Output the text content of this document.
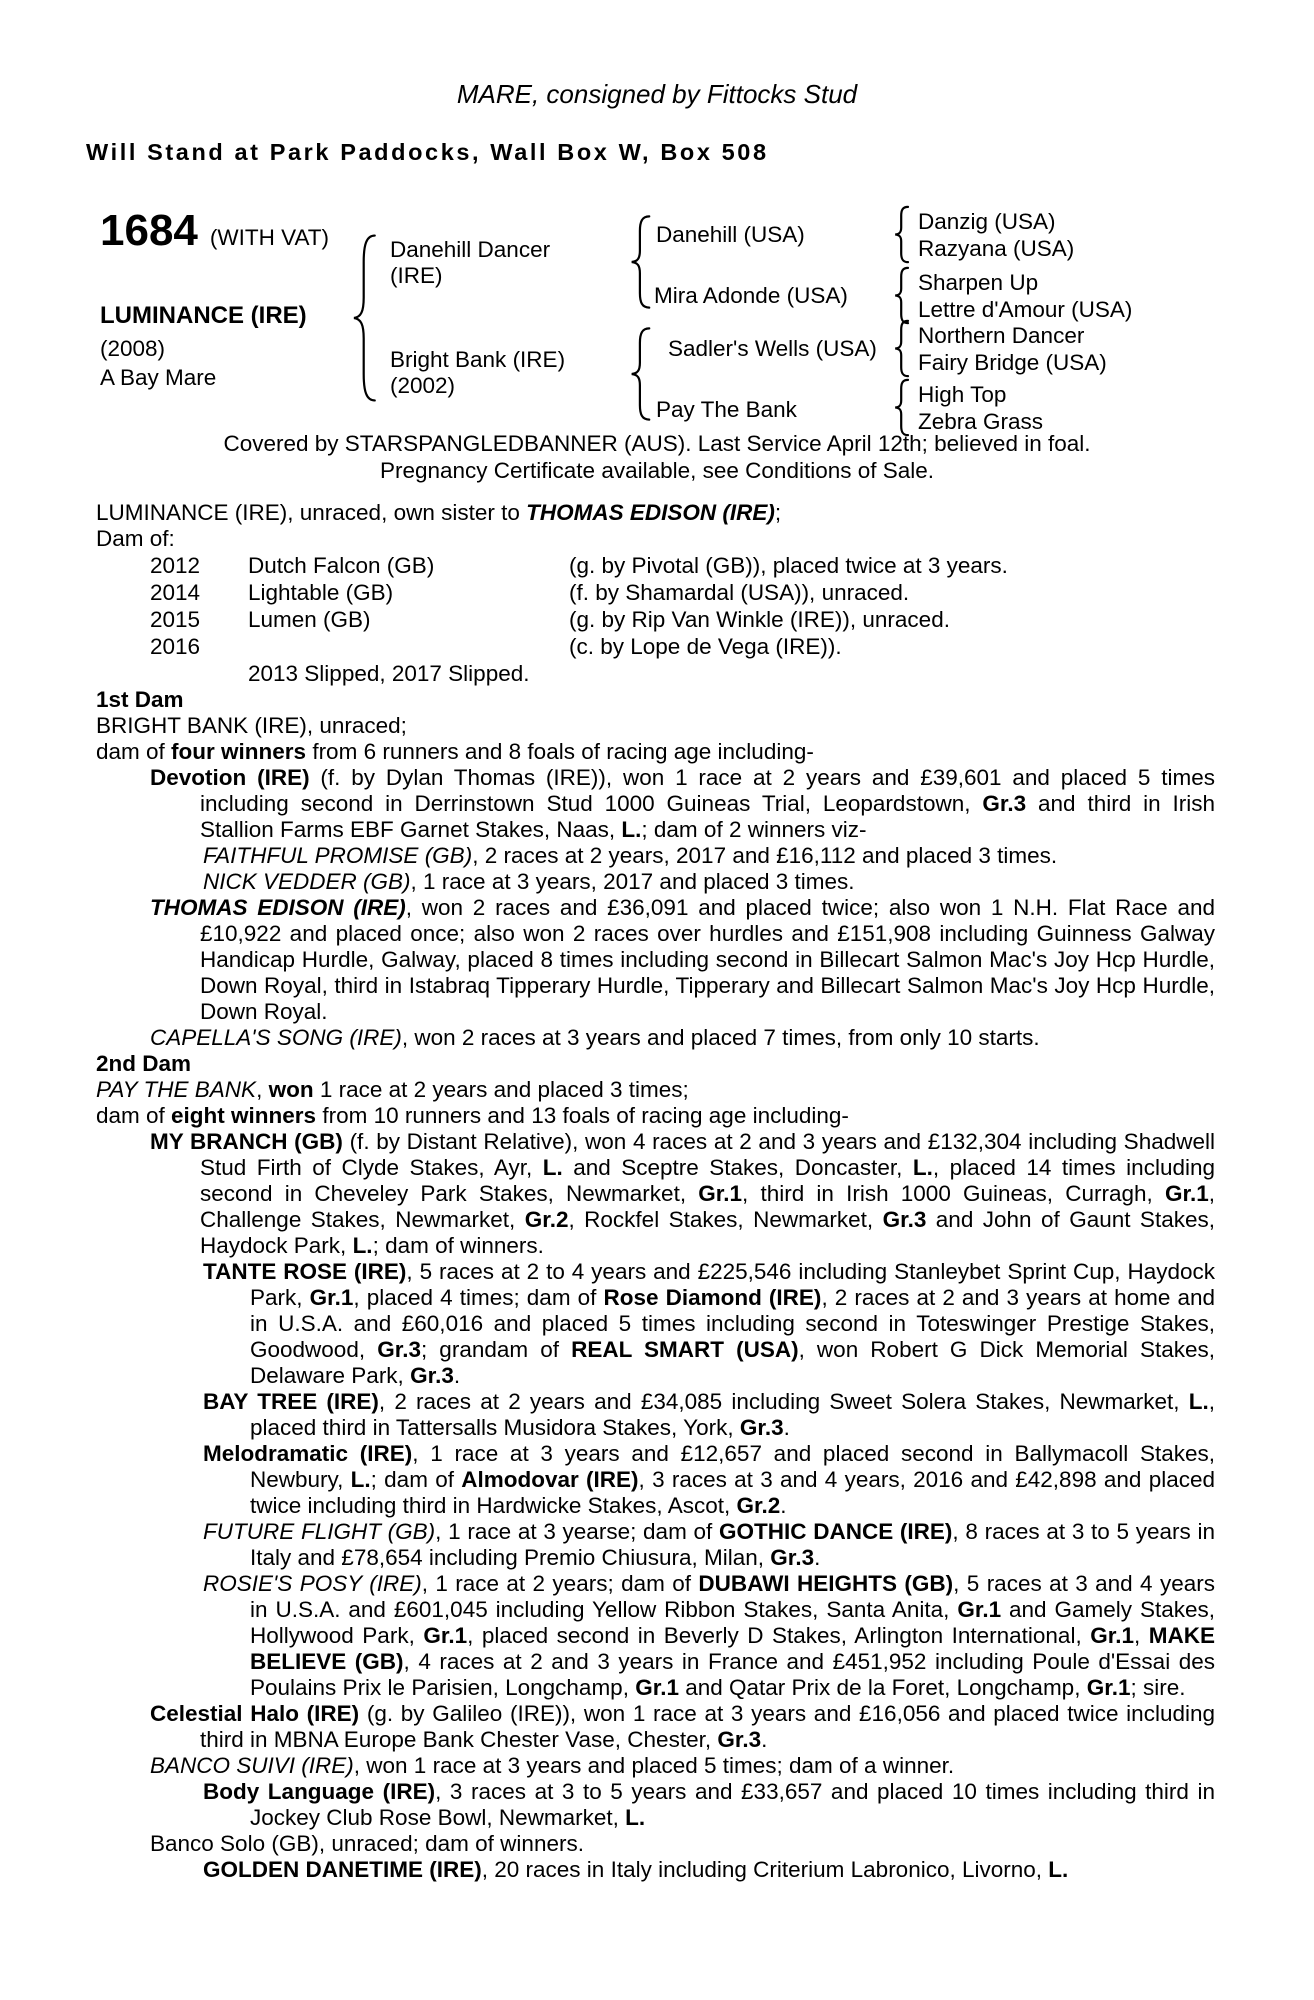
MARE, consigned by Fittocks Stud

Will Stand at Park Paddocks, Wall Box W, Box 508

1684 (WITH VAT)
LUMINANCE (IRE)
(2008)
A Bay Mare
Danehill Dancer
(IRE)
Bright Bank (IRE)
(2002)
Danehill (USA)
Mira Adonde (USA)
Sadler's Wells (USA)
Pay The Bank
Danzig (USA)
Razyana (USA)
Sharpen Up
Lettre d'Amour (USA)
Northern Dancer
Fairy Bridge (USA)
High Top
Zebra Grass

Covered by STARSPANGLEDBANNER (AUS). Last Service April 12th; believed in foal.

Pregnancy Certificate available, see Conditions of Sale.

LUMINANCE (IRE), unraced, own sister to THOMAS EDISON (IRE);

Dam of:

2012	Dutch Falcon (GB)	(g. by Pivotal (GB)), placed twice at 3 years.
2014	Lightable (GB)	(f. by Shamardal (USA)), unraced.
2015	Lumen (GB)	(g. by Rip Van Winkle (IRE)), unraced.
2016	(c. by Lope de Vega (IRE)).

2013 Slipped, 2017 Slipped.

1st Dam

BRIGHT BANK (IRE), unraced;

dam of four winners from 6 runners and 8 foals of racing age including-

Devotion (IRE) (f. by Dylan Thomas (IRE)), won 1 race at 2 years and £39,601 and placed 5 times including second in Derrinstown Stud 1000 Guineas Trial, Leopardstown, Gr.3 and third in Irish Stallion Farms EBF Garnet Stakes, Naas, L.; dam of 2 winners viz-

FAITHFUL PROMISE (GB), 2 races at 2 years, 2017 and £16,112 and placed 3 times.

NICK VEDDER (GB), 1 race at 3 years, 2017 and placed 3 times.

THOMAS EDISON (IRE), won 2 races and £36,091 and placed twice; also won 1 N.H. Flat Race and £10,922 and placed once; also won 2 races over hurdles and £151,908 including Guinness Galway Handicap Hurdle, Galway, placed 8 times including second in Billecart Salmon Mac's Joy Hcp Hurdle, Down Royal, third in Istabraq Tipperary Hurdle, Tipperary and Billecart Salmon Mac's Joy Hcp Hurdle, Down Royal.

CAPELLA'S SONG (IRE), won 2 races at 3 years and placed 7 times, from only 10 starts.

2nd Dam

PAY THE BANK, won 1 race at 2 years and placed 3 times;

dam of eight winners from 10 runners and 13 foals of racing age including-

MY BRANCH (GB) (f. by Distant Relative), won 4 races at 2 and 3 years and £132,304 including Shadwell Stud Firth of Clyde Stakes, Ayr, L. and Sceptre Stakes, Doncaster, L., placed 14 times including second in Cheveley Park Stakes, Newmarket, Gr.1, third in Irish 1000 Guineas, Curragh, Gr.1, Challenge Stakes, Newmarket, Gr.2, Rockfel Stakes, Newmarket, Gr.3 and John of Gaunt Stakes, Haydock Park, L.; dam of winners.

TANTE ROSE (IRE), 5 races at 2 to 4 years and £225,546 including Stanleybet Sprint Cup, Haydock Park, Gr.1, placed 4 times; dam of Rose Diamond (IRE), 2 races at 2 and 3 years at home and in U.S.A. and £60,016 and placed 5 times including second in Toteswinger Prestige Stakes, Goodwood, Gr.3; grandam of REAL SMART (USA), won Robert G Dick Memorial Stakes, Delaware Park, Gr.3.

BAY TREE (IRE), 2 races at 2 years and £34,085 including Sweet Solera Stakes, Newmarket, L., placed third in Tattersalls Musidora Stakes, York, Gr.3.

Melodramatic (IRE), 1 race at 3 years and £12,657 and placed second in Ballymacoll Stakes, Newbury, L.; dam of Almodovar (IRE), 3 races at 3 and 4 years, 2016 and £42,898 and placed twice including third in Hardwicke Stakes, Ascot, Gr.2.

FUTURE FLIGHT (GB), 1 race at 3 yearse; dam of GOTHIC DANCE (IRE), 8 races at 3 to 5 years in Italy and £78,654 including Premio Chiusura, Milan, Gr.3.

ROSIE'S POSY (IRE), 1 race at 2 years; dam of DUBAWI HEIGHTS (GB), 5 races at 3 and 4 years in U.S.A. and £601,045 including Yellow Ribbon Stakes, Santa Anita, Gr.1 and Gamely Stakes, Hollywood Park, Gr.1, placed second in Beverly D Stakes, Arlington International, Gr.1, MAKE BELIEVE (GB), 4 races at 2 and 3 years in France and £451,952 including Poule d'Essai des Poulains Prix le Parisien, Longchamp, Gr.1 and Qatar Prix de la Foret, Longchamp, Gr.1; sire.

Celestial Halo (IRE) (g. by Galileo (IRE)), won 1 race at 3 years and £16,056 and placed twice including third in MBNA Europe Bank Chester Vase, Chester, Gr.3.

BANCO SUIVI (IRE), won 1 race at 3 years and placed 5 times; dam of a winner.

Body Language (IRE), 3 races at 3 to 5 years and £33,657 and placed 10 times including third in Jockey Club Rose Bowl, Newmarket, L.

Banco Solo (GB), unraced; dam of winners.

GOLDEN DANETIME (IRE), 20 races in Italy including Criterium Labronico, Livorno, L.
